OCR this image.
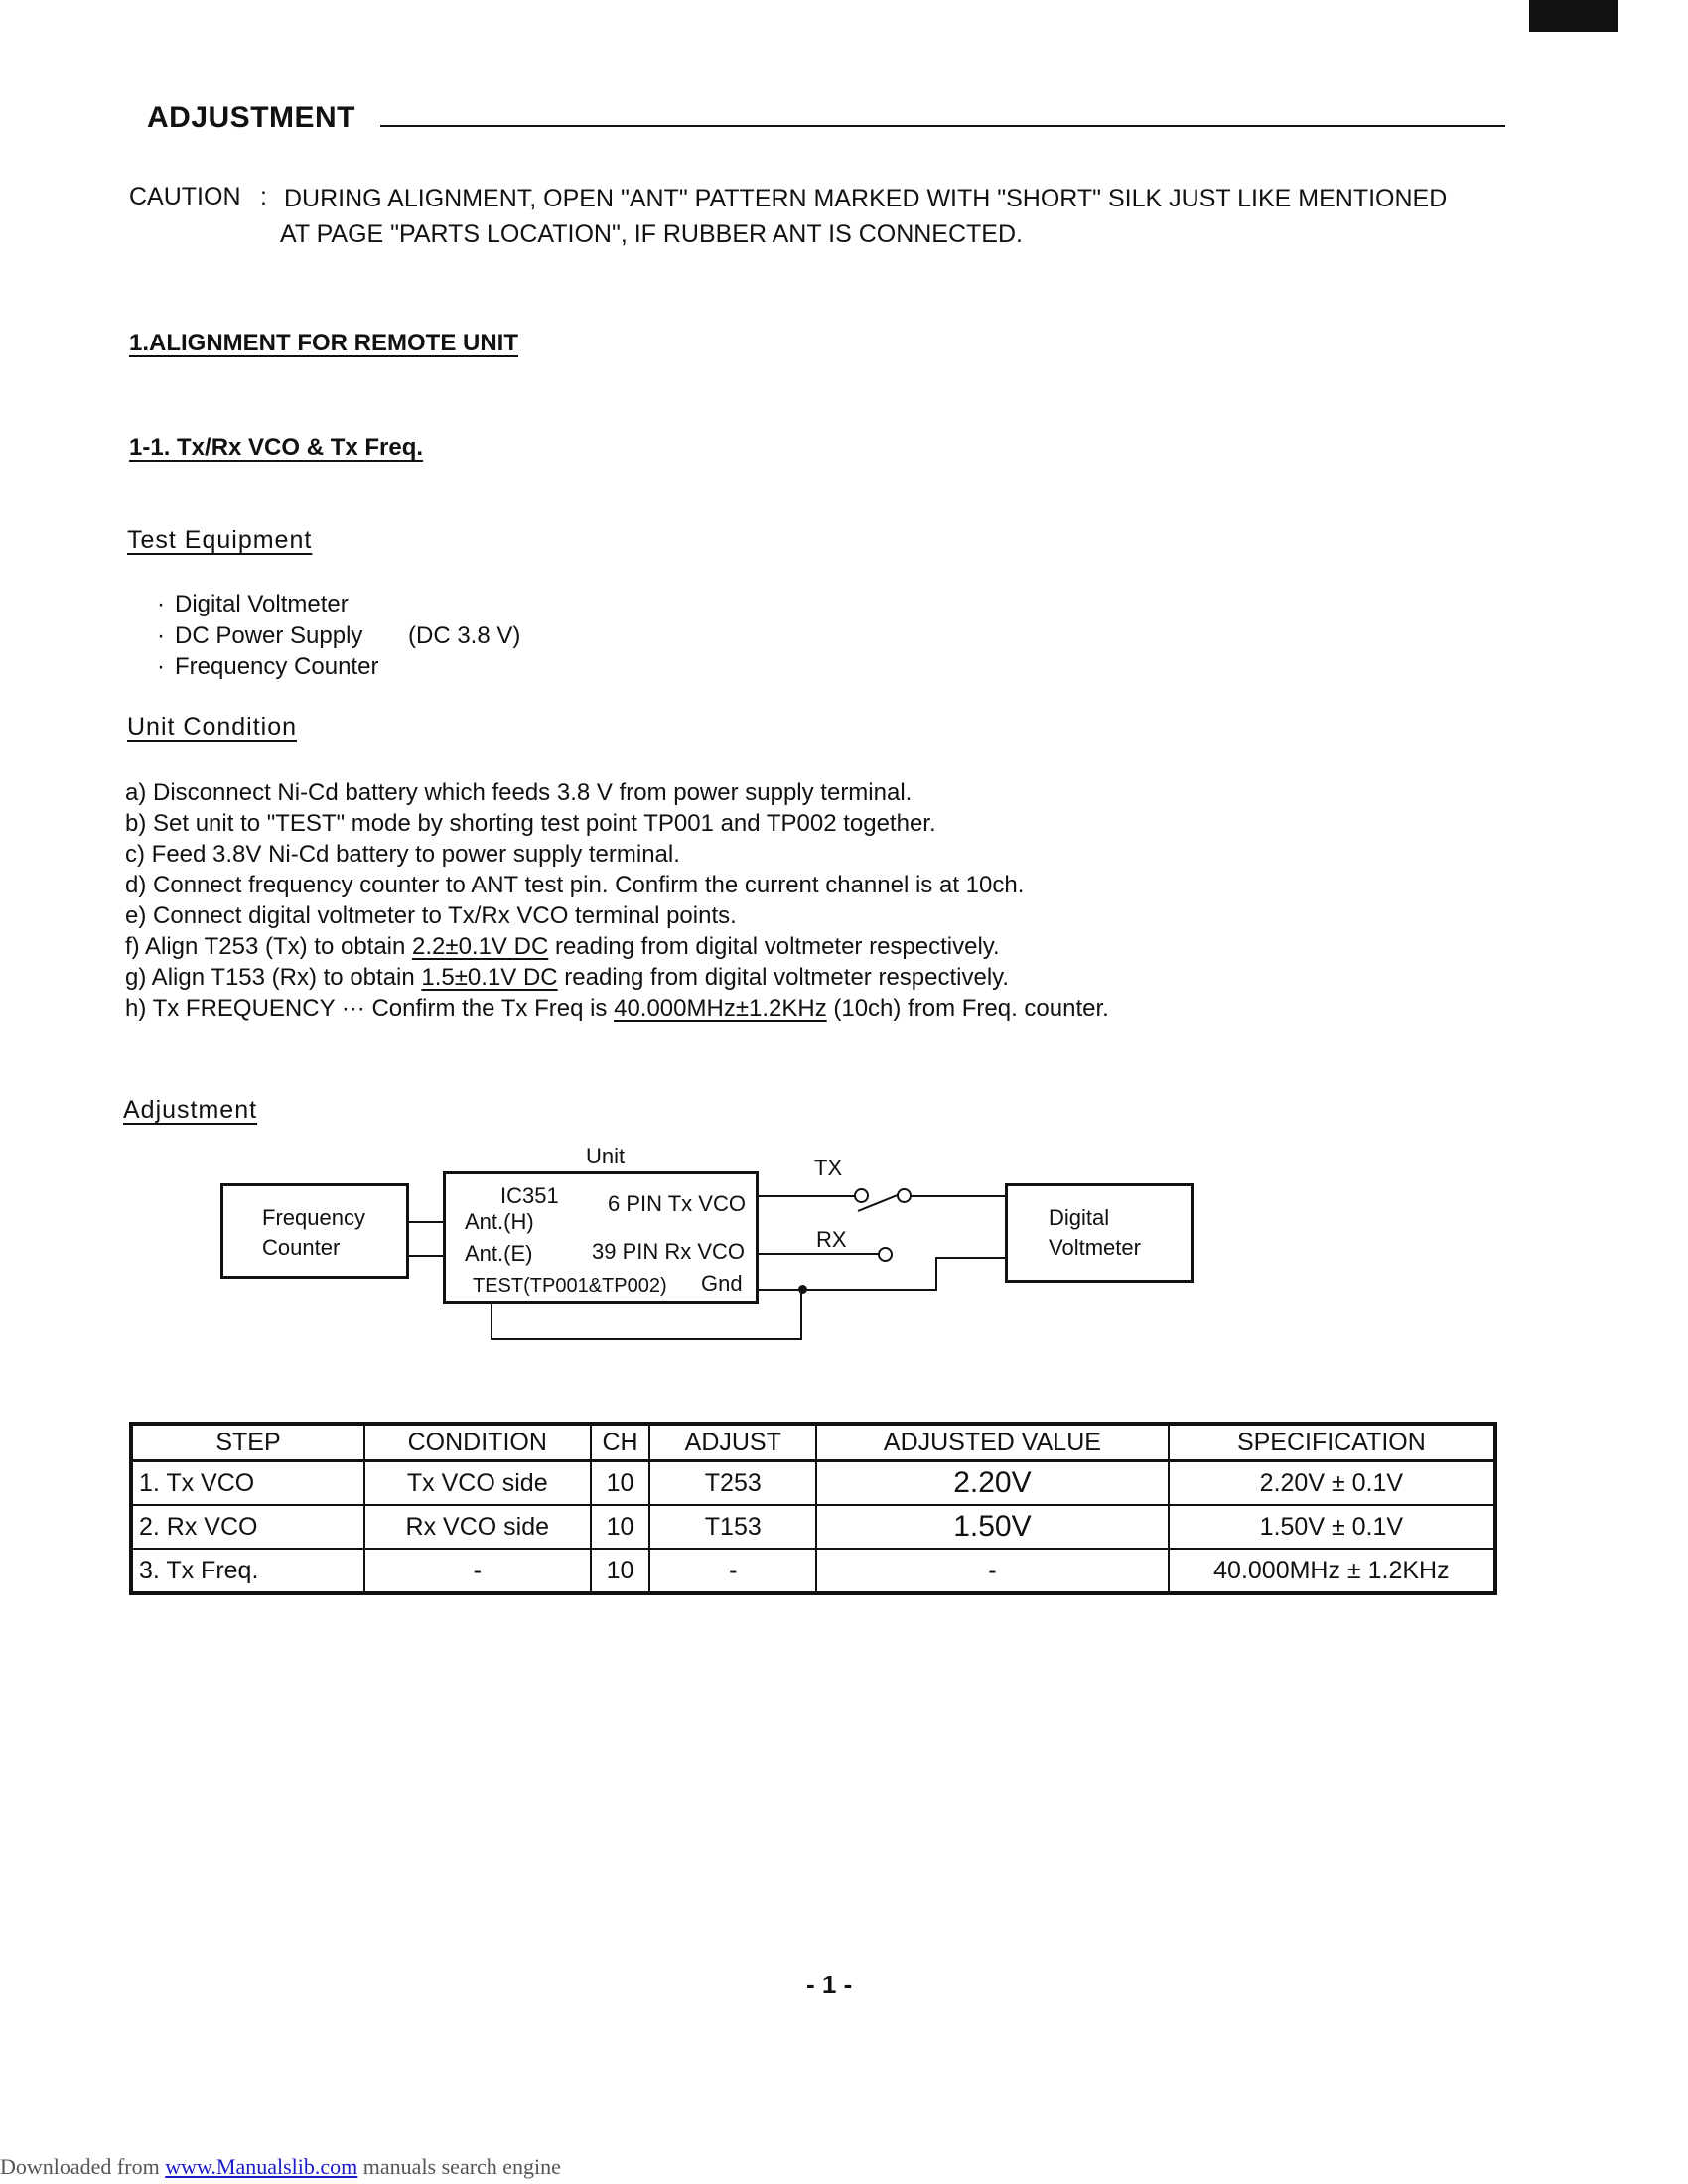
ADJUSTMENT
CAUTION : DURING ALIGNMENT, OPEN "ANT" PATTERN MARKED WITH "SHORT" SILK JUST LIKE MENTIONED
AT PAGE "PARTS LOCATION", IF RUBBER ANT IS CONNECTED.
1.ALIGNMENT FOR REMOTE UNIT
1-1. Tx/Rx VCO & Tx Freq.
Test Equipment
· Digital Voltmeter
· DC Power Supply (DC 3.8 V)
· Frequency Counter
Unit Condition
a) Disconnect Ni-Cd battery which feeds 3.8 V from power supply terminal.
b) Set unit to "TEST" mode by shorting test point TP001 and TP002 together.
c) Feed 3.8V Ni-Cd battery to power supply terminal.
d) Connect frequency counter to ANT test pin. Confirm the current channel is at 10ch.
e) Connect digital voltmeter to Tx/Rx VCO terminal points.
f) Align T253 (Tx) to obtain 2.2±0.1V DC reading from digital voltmeter respectively.
g) Align T153 (Rx) to obtain 1.5±0.1V DC reading from digital voltmeter respectively.
h) Tx FREQUENCY ··· Confirm the Tx Freq is 40.000MHz±1.2KHz (10ch) from Freq. counter.
Adjustment
Unit
Frequency
Counter
IC351
Ant.(H)
Ant.(E)
TEST(TP001&TP002)
6 PIN Tx VCO
39 PIN Rx VCO
Gnd
TX
RX
Digital
Voltmeter
STEP	CONDITION	CH	ADJUST	ADJUSTED VALUE	SPECIFICATION
1. Tx VCO	Tx VCO side	10	T253	2.20V	2.20V ± 0.1V
2. Rx VCO	Rx VCO side	10	T153	1.50V	1.50V ± 0.1V
3. Tx Freq.	-	10	-	-	40.000MHz ± 1.2KHz
- 1 -
Downloaded from www.Manualslib.com manuals search engine
